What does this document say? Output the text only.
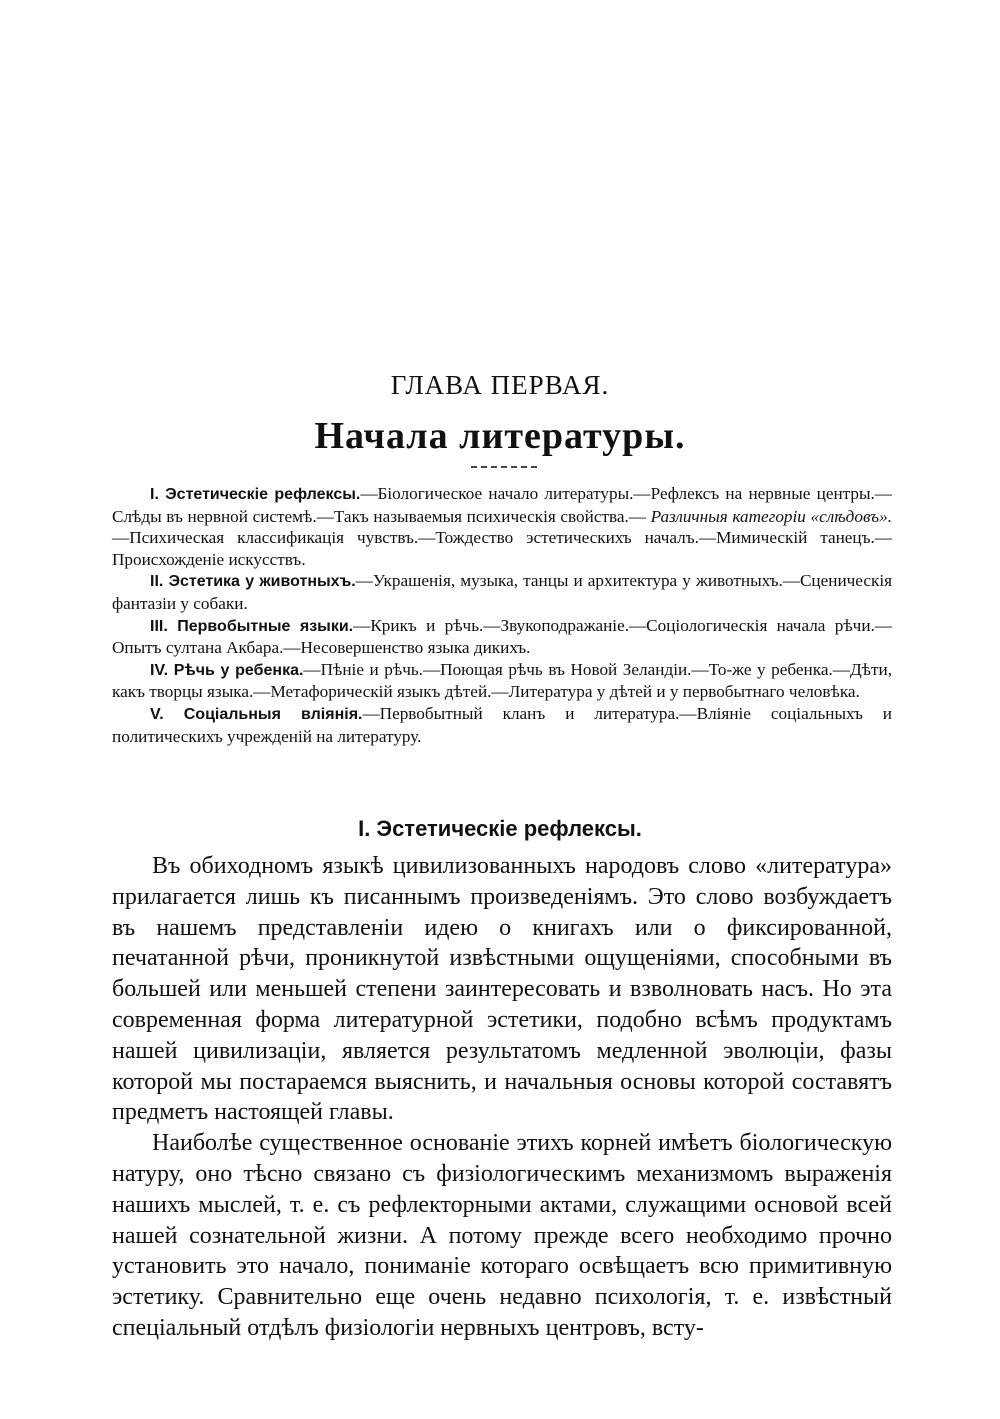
ГЛАВА ПЕРВАЯ.
Начала литературы.

I. Эстетическіе рефлексы.—Біологическое начало литературы.—Рефлексъ на нервные центры.—Слѣды въ нервной системѣ.—Такъ называемыя психическія свойства.— Различныя категоріи «слѣдовъ».—Психическая классификація чувствъ.—Тождество эстетическихъ началъ.—Мимическій танецъ.— Происхожденіе искусствъ.

II. Эстетика у животныхъ.—Украшенія, музыка, танцы и архитектура у животныхъ.—Сценическія фантазіи у собаки.

III. Первобытные языки.—Крикъ и рѣчь.—Звукоподражаніе.—Соціологическія начала рѣчи.—Опытъ султана Акбара.—Несовершенство языка дикихъ.

IV. Рѣчь у ребенка.—Пѣніе и рѣчь.—Поющая рѣчь въ Новой Зеландіи.—То-же у ребенка.—Дѣти, какъ творцы языка.—Метафорическій языкъ дѣтей.—Литература у дѣтей и у первобытнаго человѣка.

V. Соціальныя вліянія.—Первобытный кланъ и литература.—Вліяніе соціальныхъ и политическихъ учрежденій на литературу.

I. Эстетическіе рефлексы.

Въ обиходномъ языкѣ цивилизованныхъ народовъ слово «литература» прилагается лишь къ писаннымъ произведеніямъ. Это слово возбуждаетъ въ нашемъ представленіи идею о книгахъ или о фиксированной, печатанной рѣчи, проникнутой извѣстными ощущеніями, способными въ большей или меньшей степени заинтересовать и взволновать насъ. Но эта современная форма литературной эстетики, подобно всѣмъ продуктамъ нашей цивилизаціи, является результатомъ медленной эволюціи, фазы которой мы постараемся выяснить, и начальныя основы которой составятъ предметъ настоящей главы.

Наиболѣе существенное основаніе этихъ корней имѣетъ біологическую натуру, оно тѣсно связано съ физіологическимъ механизмомъ выраженія нашихъ мыслей, т. е. съ рефлекторными актами, служащими основой всей нашей сознательной жизни. А потому прежде всего необходимо прочно установить это начало, пониманіе котораго освѣщаетъ всю примитивную эстетику. Сравнительно еще очень недавно психологія, т. е. извѣстный спеціальный отдѣлъ физіологіи нервныхъ центровъ, всту-
